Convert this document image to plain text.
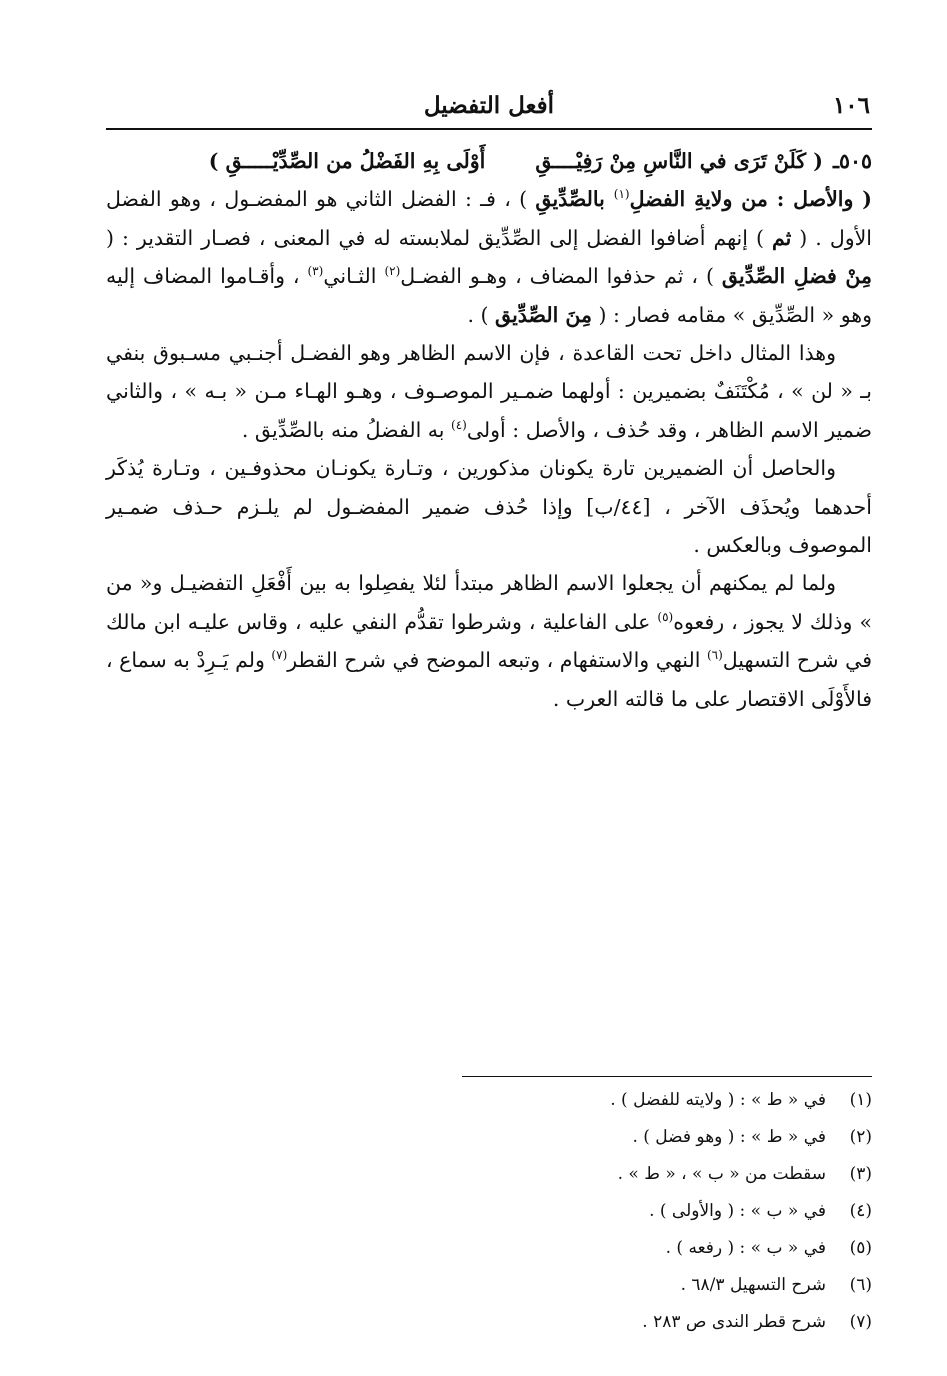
١٠٦
أفعل التفضيل
٥٠٥ـ
( كَلَنْ تَرَى في النَّاسِ مِنْ رَفِيْــــقِ
أَوْلَى بِهِ الفَضْلُ من الصِّدِّيْـــــقِ )

( والأصل : من ولايةِ الفضلِ$^{(١)}$ بالصِّدِّيقِ ) ، فـ : الفضل الثاني هو المفضـول ، وهو الفضل الأول . ( ثم ) إنهم أضافوا الفضل إلى الصِّدِّيق لملابسته له في المعنى ، فصـار التقدير : ( مِنْ فضلِ الصِّدِّيق ) ، ثم حذفوا المضاف ، وهـو الفضـل$^{(٢)}$ الثـاني$^{(٣)}$ ، وأقـاموا المضاف إليه وهو « الصِّدِّيق » مقامه فصار : ( مِنَ الصِّدِّيق ) .

وهذا المثال داخل تحت القاعدة ، فإن الاسم الظاهر وهو الفضـل أجنـبي مسـبوق بنفي بـ « لن » ، مُكْتَنَفٌ بضميرين : أولهما ضمـير الموصـوف ، وهـو الهـاء مـن « بـه » ، والثاني ضمير الاسم الظاهر ، وقد حُذف ، والأصل : أولى$^{(٤)}$ به الفضلُ منه بالصِّدِّيق .

والحاصل أن الضميرين تارة يكونان مذكورين ، وتـارة يكونـان محذوفـين ، وتـارة يُذكَر أحدهما ويُحذَف الآخر ، [٤٤/ب] وإذا حُذف ضمير المفضـول لم يلـزم حـذف ضمـير الموصوف وبالعكس .

ولما لم يمكنهم أن يجعلوا الاسم الظاهر مبتدأ لئلا يفصِلوا به بين أَفْعَلِ التفضيـل و« من » وذلك لا يجوز ، رفعوه$^{(٥)}$ على الفاعلية ، وشرطوا تقدُّم النفي عليه ، وقاس عليـه ابن مالك في شرح التسهيل$^{(٦)}$ النهي والاستفهام ، وتبعه الموضح في شرح القطر$^{(٧)}$ ولم يَـرِدْ به سماع ، فالأَوْلَى الاقتصار على ما قالته العرب .

(١)
في « ط » : ( ولايته للفضل ) .
(٢)
في « ط » : ( وهو فضل ) .
(٣)
سقطت من « ب » ، « ط » .
(٤)
في « ب » : ( والأولى ) .
(٥)
في « ب » : ( رفعه ) .
(٦)
شرح التسهيل ٦٨/٣ .
(٧)
شرح قطر الندى ص ٢٨٣ .
